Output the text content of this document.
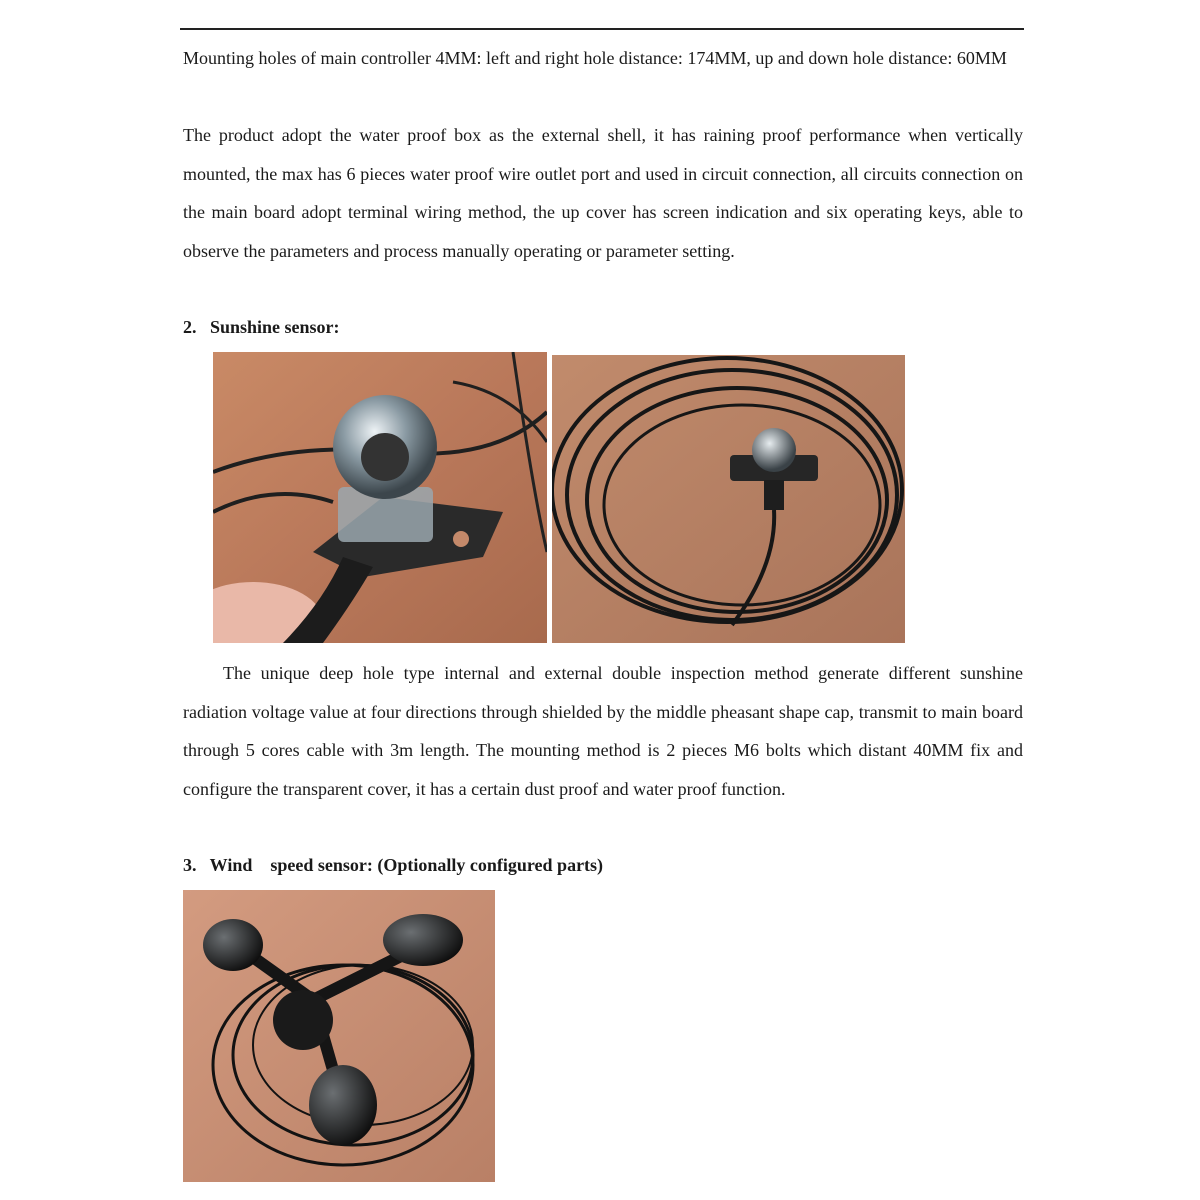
Mounting holes of main controller 4MM: left and right hole distance: 174MM, up and down hole distance: 60MM
The product adopt the water proof box as the external shell, it has raining proof performance when vertically mounted, the max has 6 pieces water proof wire outlet port and used in circuit connection, all circuits connection on the main board adopt terminal wiring method, the up cover has screen indication and six operating keys, able to observe the parameters and process manually operating or parameter setting.
2.   Sunshine sensor:
The unique deep hole type internal and external double inspection method generate different sunshine radiation voltage value at four directions through shielded by the middle pheasant shape cap, transmit to main board through 5 cores cable with 3m length. The mounting method is 2 pieces M6 bolts which distant 40MM fix and configure the transparent cover, it has a certain dust proof and water proof function.
3.   Wind    speed sensor: (Optionally configured parts)
